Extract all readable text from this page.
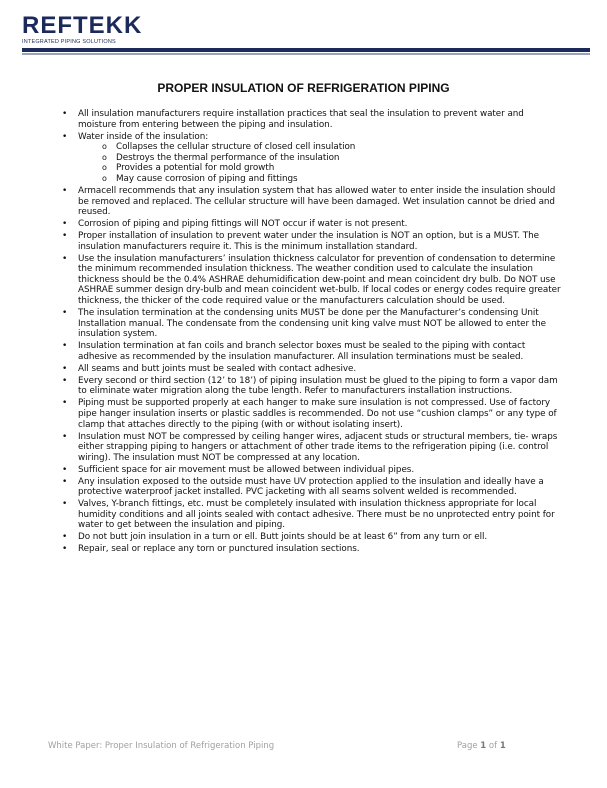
REFTEKK
INTEGRATED PIPING SOLUTIONS
PROPER INSULATION OF REFRIGERATION PIPING
• All insulation manufacturers require installation practices that seal the insulation to prevent water and moisture from entering between the piping and insulation.
• Water inside of the insulation:
o Collapses the cellular structure of closed cell insulation
o Destroys the thermal performance of the insulation
o Provides a potential for mold growth
o May cause corrosion of piping and fittings
• Armacell recommends that any insulation system that has allowed water to enter inside the insulation should be removed and replaced. The cellular structure will have been damaged. Wet insulation cannot be dried and reused.
• Corrosion of piping and piping fittings will NOT occur if water is not present.
• Proper installation of insulation to prevent water under the insulation is NOT an option, but is a MUST. The insulation manufacturers require it. This is the minimum installation standard.
• Use the insulation manufacturers’ insulation thickness calculator for prevention of condensation to determine the minimum recommended insulation thickness. The weather condition used to calculate the insulation thickness should be the 0.4% ASHRAE dehumidification dew-point and mean coincident dry bulb. Do NOT use ASHRAE summer design dry-bulb and mean coincident wet-bulb. If local codes or energy codes require greater thickness, the thicker of the code required value or the manufacturers calculation should be used.
• The insulation termination at the condensing units MUST be done per the Manufacturer’s condensing Unit Installation manual. The condensate from the condensing unit king valve must NOT be allowed to enter the insulation system.
• Insulation termination at fan coils and branch selector boxes must be sealed to the piping with contact adhesive as recommended by the insulation manufacturer. All insulation terminations must be sealed.
• All seams and butt joints must be sealed with contact adhesive.
• Every second or third section (12’ to 18’) of piping insulation must be glued to the piping to form a vapor dam to eliminate water migration along the tube length. Refer to manufacturers installation instructions.
• Piping must be supported properly at each hanger to make sure insulation is not compressed. Use of factory pipe hanger insulation inserts or plastic saddles is recommended. Do not use “cushion clamps” or any type of clamp that attaches directly to the piping (with or without isolating insert).
• Insulation must NOT be compressed by ceiling hanger wires, adjacent studs or structural members, tie- wraps either strapping piping to hangers or attachment of other trade items to the refrigeration piping (i.e. control wiring). The insulation must NOT be compressed at any location.
• Sufficient space for air movement must be allowed between individual pipes.
• Any insulation exposed to the outside must have UV protection applied to the insulation and ideally have a protective waterproof jacket installed. PVC jacketing with all seams solvent welded is recommended.
• Valves, Y-branch fittings, etc. must be completely insulated with insulation thickness appropriate for local humidity conditions and all joints sealed with contact adhesive. There must be no unprotected entry point for water to get between the insulation and piping.
• Do not butt join insulation in a turn or ell. Butt joints should be at least 6” from any turn or ell.
• Repair, seal or replace any torn or punctured insulation sections.
White Paper: Proper Insulation of Refrigeration Piping	Page 1 of 1
